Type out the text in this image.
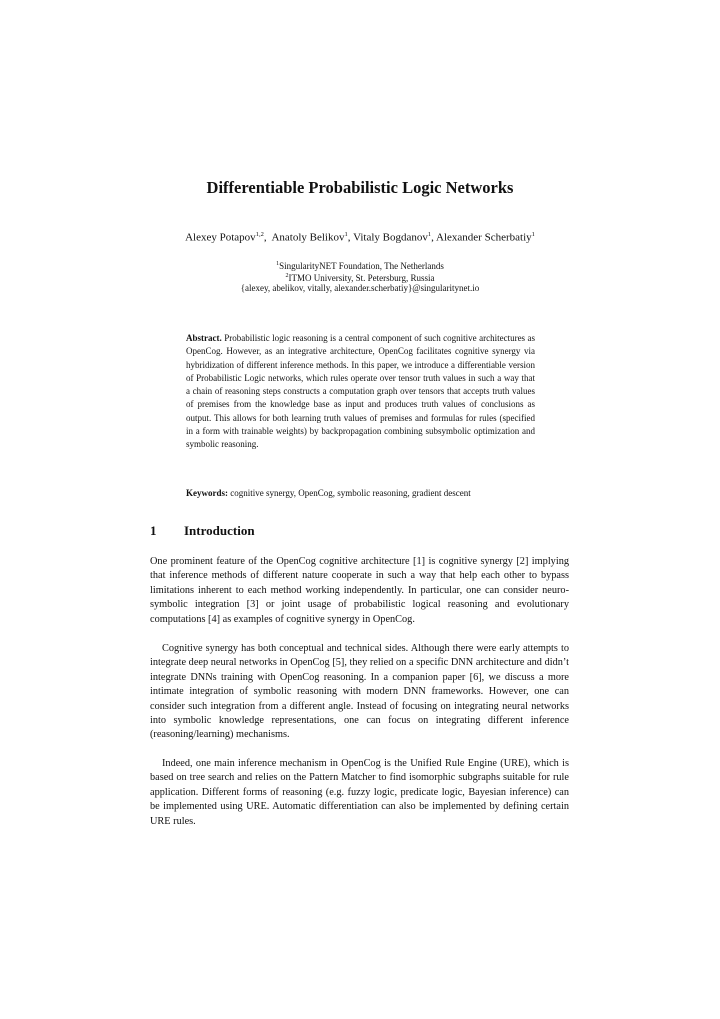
Differentiable Probabilistic Logic Networks
Alexey Potapov$^{1,2}$,  Anatoly Belikov$^1$, Vitaly Bogdanov$^1$, Alexander Scherbatiy$^1$
$^1$SingularityNET Foundation, The Netherlands
$^2$ITMO University, St. Petersburg, Russia
{alexey, abelikov, vitally, alexander.scherbatiy}@singularitynet.io

Abstract. Probabilistic logic reasoning is a central component of such cognitive architectures as OpenCog. However, as an integrative architecture, OpenCog facilitates cognitive synergy via hybridization of different inference methods. In this paper, we introduce a differentiable version of Probabilistic Logic networks, which rules operate over tensor truth values in such a way that a chain of reasoning steps constructs a computation graph over tensors that accepts truth values of premises from the knowledge base as input and produces truth values of conclusions as output. This allows for both learning truth values of premises and formulas for rules (specified in a form with trainable weights) by backpropagation combining subsymbolic optimization and symbolic reasoning.

Keywords: cognitive synergy, OpenCog, symbolic reasoning, gradient descent

1 Introduction

One prominent feature of the OpenCog cognitive architecture [1] is cognitive synergy [2] implying that inference methods of different nature cooperate in such a way that help each other to bypass limitations inherent to each method working independently. In particular, one can consider neuro-symbolic integration [3] or joint usage of probabilistic logical reasoning and evolutionary computations [4] as examples of cognitive synergy in OpenCog.

Cognitive synergy has both conceptual and technical sides. Although there were early attempts to integrate deep neural networks in OpenCog [5], they relied on a specific DNN architecture and didn’t integrate DNNs training with OpenCog reasoning. In a companion paper [6], we discuss a more intimate integration of symbolic reasoning with modern DNN frameworks. However, one can consider such integration from a different angle. Instead of focusing on integrating neural networks into symbolic knowledge representations, one can focus on integrating different inference (reasoning/learning) mechanisms.

Indeed, one main inference mechanism in OpenCog is the Unified Rule Engine (URE), which is based on tree search and relies on the Pattern Matcher to find isomorphic subgraphs suitable for rule application. Different forms of reasoning (e.g. fuzzy logic, predicate logic, Bayesian inference) can be implemented using URE. Automatic differentiation can also be implemented by defining certain URE rules.
